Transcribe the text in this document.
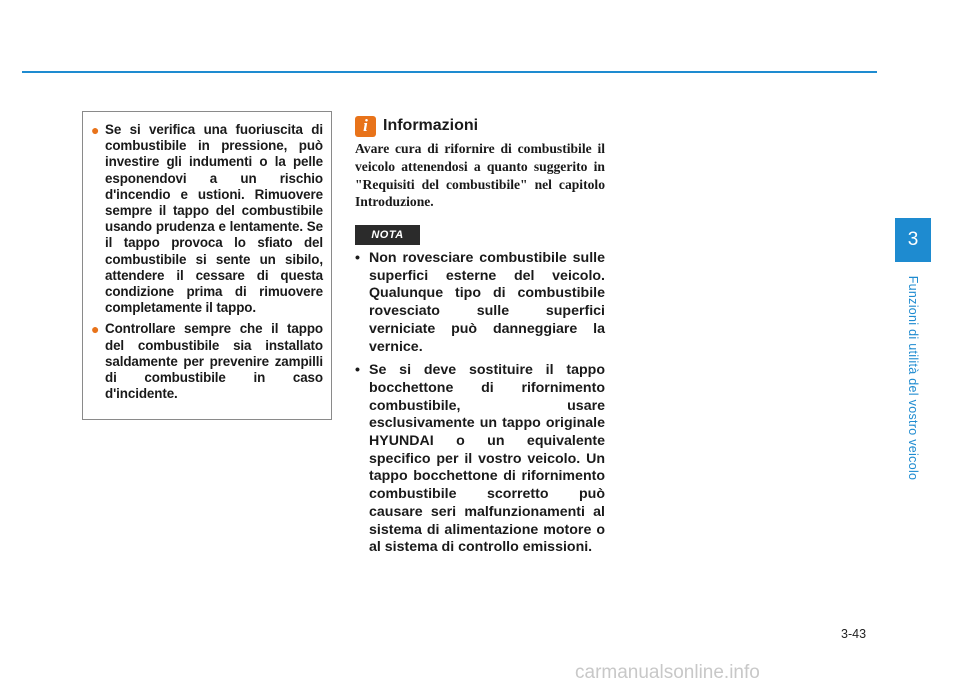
● Se si verifica una fuoriuscita di combustibile in pressione, può investire gli indumenti o la pelle esponendovi a un rischio d'incendio e ustioni. Rimuovere sempre il tappo del combustibile usando prudenza e lentamente. Se il tappo provoca lo sfiato del combustibile si sente un sibilo, attendere il cessare di questa condizione prima di rimuovere completamente il tappo.
● Controllare sempre che il tappo del combustibile sia installato saldamente per prevenire zampilli di combustibile in caso d'incidente.
i Informazioni

Avare cura di rifornire di combustibile il veicolo attenendosi a quanto suggerito in "Requisiti del combustibile" nel capitolo Introduzione.

NOTA
• Non rovesciare combustibile sulle superfici esterne del veicolo. Qualunque tipo di combustibile rovesciato sulle superfici verniciate può danneggiare la vernice.
• Se si deve sostituire il tappo bocchettone di rifornimento combustibile, usare esclusivamente un tappo originale HYUNDAI o un equivalente specifico per il vostro veicolo. Un tappo bocchettone di rifornimento combustibile scorretto può causare seri malfunzionamenti al sistema di alimentazione motore o al sistema di controllo emissioni.
3
Funzioni di utilità del vostro veicolo
3-43
carmanualsonline.info
